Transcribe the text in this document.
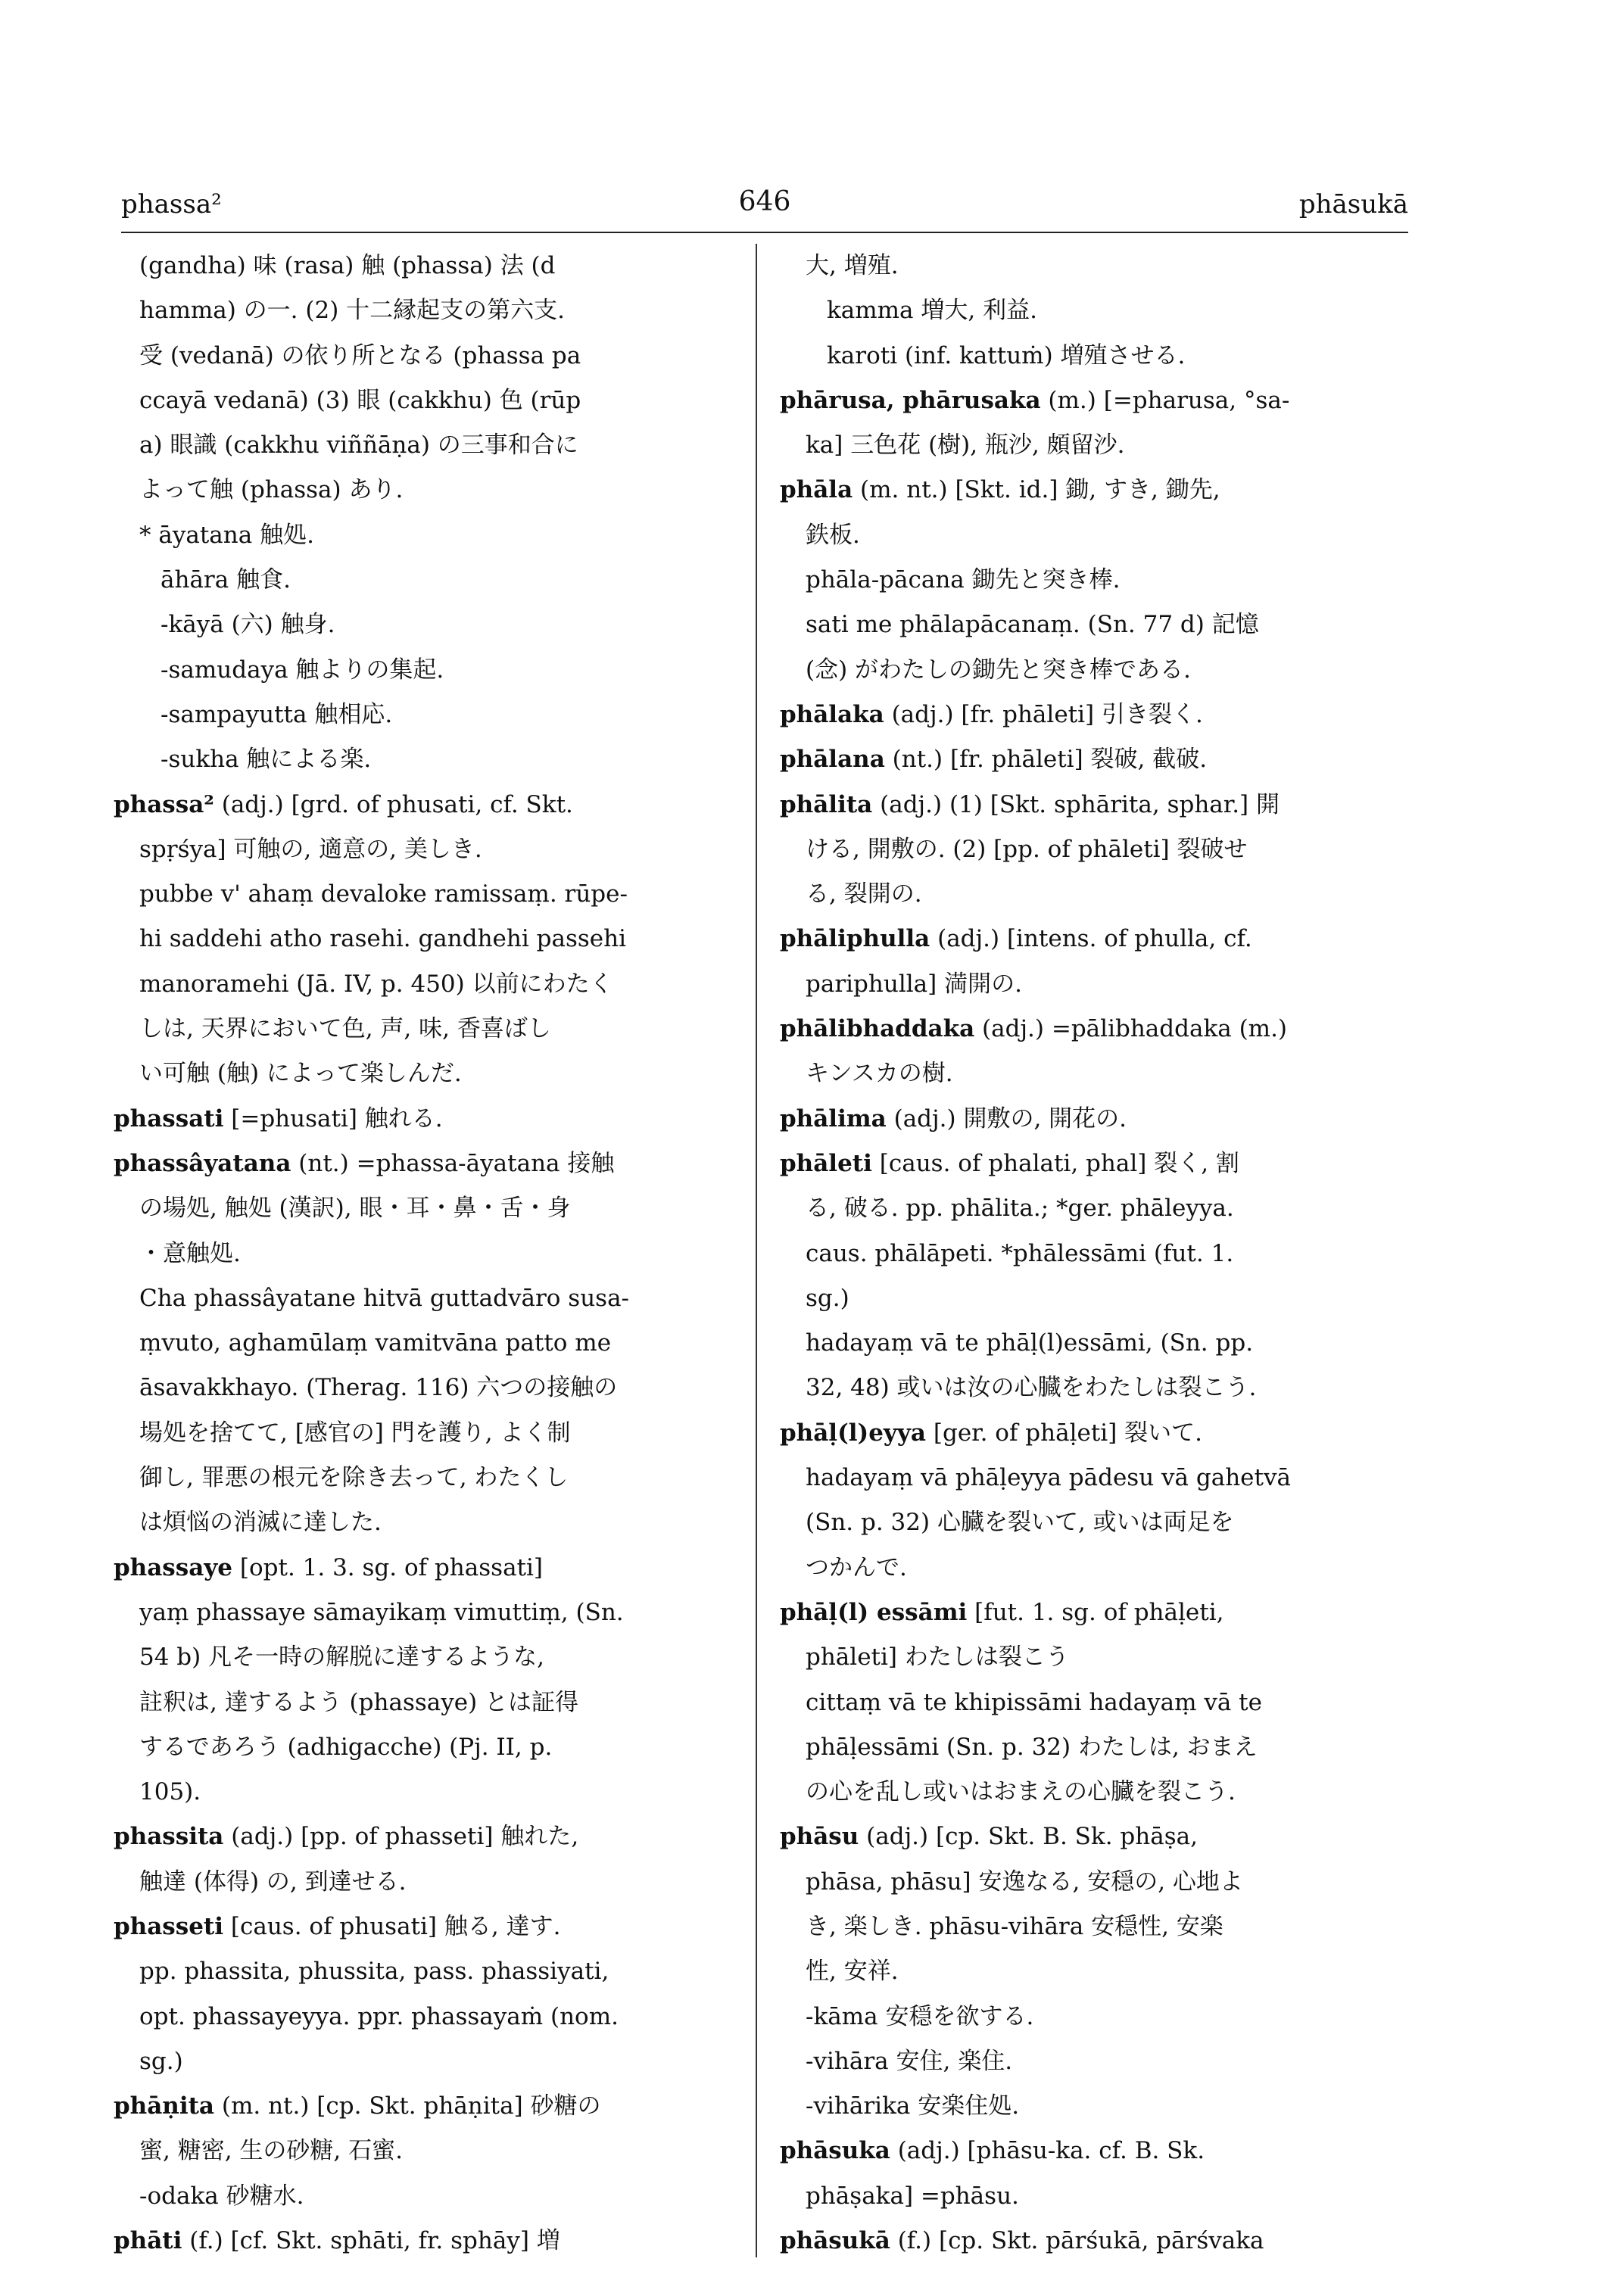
phassa²	646	phāsukā
(gandha) 味 (rasa) 触 (phassa) 法 (d
hamma) の一. (2) 十二縁起支の第六支.
受 (vedanā) の依り所となる (phassa pa
ccayā vedanā) (3) 眼 (cakkhu) 色 (rūp
a) 眼識 (cakkhu viññāṇa) の三事和合に
よって触 (phassa) あり.
* āyatana 触処.
āhāra 触食.
-kāyā (六) 触身.
-samudaya 触よりの集起.
-sampayutta 触相応.
-sukha 触による楽.
phassa² (adj.) [grd. of phusati, cf. Skt.
spṛśya] 可触の, 適意の, 美しき.
pubbe v' ahaṃ devaloke ramissaṃ. rūpe-
hi saddehi atho rasehi. gandhehi passehi
manoramehi (Jā. IV, p. 450) 以前にわたく
しは, 天界において色, 声, 味, 香喜ばし
い可触 (触) によって楽しんだ.
phassati [=phusati] 触れる.
phassâyatana (nt.) =phassa-āyatana 接触
の場処, 触処 (漢訳), 眼・耳・鼻・舌・身
・意触処.
Cha phassâyatane hitvā guttadvāro susa-
ṃvuto, aghamūlaṃ vamitvāna patto me
āsavakkhayo. (Therag. 116) 六つの接触の
場処を捨てて, [感官の] 門を護り, よく制
御し, 罪悪の根元を除き去って, わたくし
は煩悩の消滅に達した.
phassaye [opt. 1. 3. sg. of phassati]
yaṃ phassaye sāmayikaṃ vimuttiṃ, (Sn.
54 b) 凡そ一時の解脱に達するような,
註釈は, 達するよう (phassaye) とは証得
するであろう (adhigacche) (Pj. II, p.
105).
phassita (adj.) [pp. of phasseti] 触れた,
触達 (体得) の, 到達せる.
phasseti [caus. of phusati] 触る, 達す.
pp. phassita, phussita, pass. phassiyati,
opt. phassayeyya. ppr. phassayaṁ (nom.
sg.)
phāṇita (m. nt.) [cp. Skt. phāṇita] 砂糖の
蜜, 糖密, 生の砂糖, 石蜜.
-odaka 砂糖水.
phāti (f.) [cf. Skt. sphāti, fr. sphāy] 増
大, 増殖.
kamma 増大, 利益.
karoti (inf. kattuṁ) 増殖させる.
phārusa, phārusaka (m.) [=pharusa, °sa-
ka] 三色花 (樹), 瓶沙, 頗留沙.
phāla (m. nt.) [Skt. id.] 鋤, すき, 鋤先,
鉄板.
phāla-pācana 鋤先と突き棒.
sati me phālapācanaṃ. (Sn. 77 d) 記憶
(念) がわたしの鋤先と突き棒である.
phālaka (adj.) [fr. phāleti] 引き裂く.
phālana (nt.) [fr. phāleti] 裂破, 截破.
phālita (adj.) (1) [Skt. sphārita, sphar.] 開
ける, 開敷の. (2) [pp. of phāleti] 裂破せ
る, 裂開の.
phāliphulla (adj.) [intens. of phulla, cf.
pariphulla] 満開の.
phālibhaddaka (adj.) =pālibhaddaka (m.)
キンスカの樹.
phālima (adj.) 開敷の, 開花の.
phāleti [caus. of phalati, phal] 裂く, 割
る, 破る. pp. phālita.; *ger. phāleyya.
caus. phālāpeti. *phālessāmi (fut. 1.
sg.)
hadayaṃ vā te phāḷ(l)essāmi, (Sn. pp.
32, 48) 或いは汝の心臓をわたしは裂こう.
phāḷ(l)eyya [ger. of phāḷeti] 裂いて.
hadayaṃ vā phāḷeyya pādesu vā gahetvā
(Sn. p. 32) 心臓を裂いて, 或いは両足を
つかんで.
phāḷ(l) essāmi [fut. 1. sg. of phāḷeti,
phāleti] わたしは裂こう
cittaṃ vā te khipissāmi hadayaṃ vā te
phāḷessāmi (Sn. p. 32) わたしは, おまえ
の心を乱し或いはおまえの心臓を裂こう.
phāsu (adj.) [cp. Skt. B. Sk. phāṣa,
phāsa, phāsu] 安逸なる, 安穏の, 心地よ
き, 楽しき. phāsu-vihāra 安穏性, 安楽
性, 安祥.
-kāma 安穏を欲する.
-vihāra 安住, 楽住.
-vihārika 安楽住処.
phāsuka (adj.) [phāsu-ka. cf. B. Sk.
phāṣaka] =phāsu.
phāsukā (f.) [cp. Skt. pārśukā, pārśvaka
